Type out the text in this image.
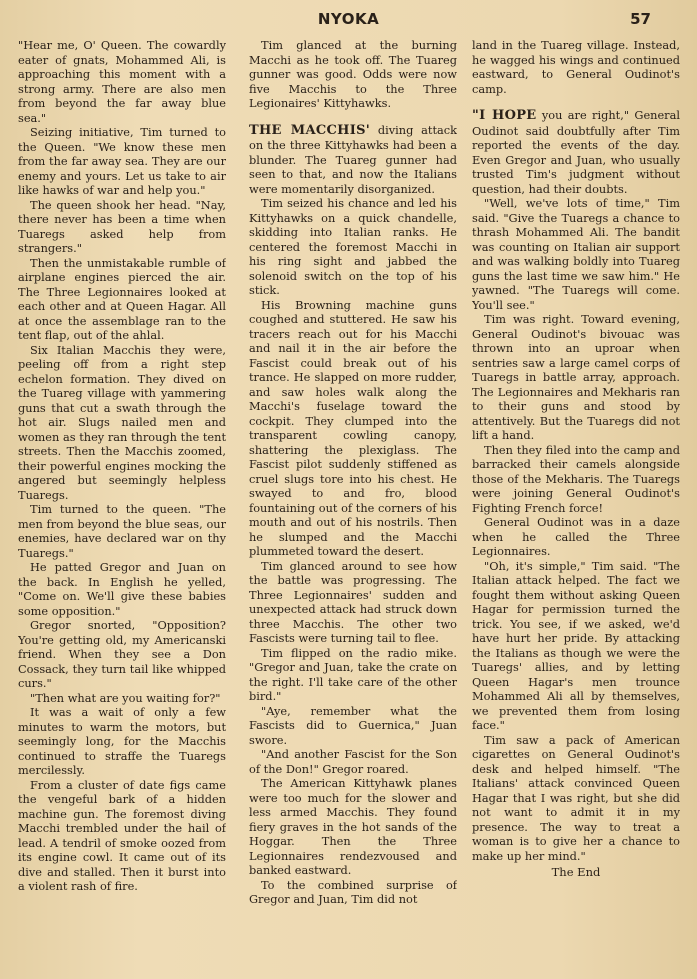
NYOKA	57

"Hear me, O' Queen. The cowardly eater of gnats, Mohammed Ali, is approaching this moment with a strong army. There are also men from beyond the far away blue sea."

Seizing initiative, Tim turned to the Queen. "We know these men from the far away sea. They are our enemy and yours. Let us take to air like hawks of war and help you."

The queen shook her head. "Nay, there never has been a time when Tuaregs asked help from strangers."

Then the unmistakable rumble of airplane engines pierced the air. The Three Legionnaires looked at each other and at Queen Hagar. All at once the assemblage ran to the tent flap, out of the ahlal.

Six Italian Macchis they were, peeling off from a right step echelon formation. They dived on the Tuareg village with yammering guns that cut a swath through the hot air. Slugs nailed men and women as they ran through the tent streets. Then the Macchis zoomed, their powerful engines mocking the angered but seemingly helpless Tuaregs.

Tim turned to the queen. "The men from beyond the blue seas, our enemies, have declared war on thy Tuaregs."

He patted Gregor and Juan on the back. In English he yelled, "Come on. We'll give these babies some opposition."

Gregor snorted, "Opposition? You're getting old, my Americanski friend. When they see a Don Cossack, they turn tail like whipped curs."

"Then what are you waiting for?"

It was a wait of only a few minutes to warm the motors, but seemingly long, for the Macchis continued to straffe the Tuaregs mercilessly.

From a cluster of date figs came the vengeful bark of a hidden machine gun. The foremost diving Macchi trembled under the hail of lead. A tendril of smoke oozed from its engine cowl. It came out of its dive and stalled. Then it burst into a violent rash of fire.

Tim glanced at the burning Macchi as he took off. The Tuareg gunner was good. Odds were now five Macchis to the Three Legionaires' Kittyhawks.

THE MACCHIS' diving attack on the three Kittyhawks had been a blunder. The Tuareg gunner had seen to that, and now the Italians were momentarily disorganized.

Tim seized his chance and led his Kittyhawks on a quick chandelle, skidding into Italian ranks. He centered the foremost Macchi in his ring sight and jabbed the solenoid switch on the top of his stick.

His Browning machine guns coughed and stuttered. He saw his tracers reach out for his Macchi and nail it in the air before the Fascist could break out of his trance. He slapped on more rudder, and saw holes walk along the Macchi's fuselage toward the cockpit. They clumped into the transparent cowling canopy, shattering the plexiglass. The Fascist pilot suddenly stiffened as cruel slugs tore into his chest. He swayed to and fro, blood fountaining out of the corners of his mouth and out of his nostrils. Then he slumped and the Macchi plummeted toward the desert.

Tim glanced around to see how the battle was progressing. The Three Legionnaires' sudden and unexpected attack had struck down three Macchis. The other two Fascists were turning tail to flee.

Tim flipped on the radio mike. "Gregor and Juan, take the crate on the right. I'll take care of the other bird."

"Aye, remember what the Fascists did to Guernica," Juan swore.

"And another Fascist for the Son of the Don!" Gregor roared.

The American Kittyhawk planes were too much for the slower and less armed Macchis. They found fiery graves in the hot sands of the Hoggar. Then the Three Legionnaires rendezvoused and banked eastward.

To the combined surprise of Gregor and Juan, Tim did not

land in the Tuareg village. Instead, he wagged his wings and continued eastward, to General Oudinot's camp.

"I HOPE you are right," General Oudinot said doubtfully after Tim reported the events of the day. Even Gregor and Juan, who usually trusted Tim's judgment without question, had their doubts.

"Well, we've lots of time," Tim said. "Give the Tuaregs a chance to thrash Mohammed Ali. The bandit was counting on Italian air support and was walking boldly into Tuareg guns the last time we saw him." He yawned. "The Tuaregs will come. You'll see."

Tim was right. Toward evening, General Oudinot's bivouac was thrown into an uproar when sentries saw a large camel corps of Tuaregs in battle array, approach. The Legionnaires and Mekharis ran to their guns and stood by attentively. But the Tuaregs did not lift a hand.

Then they filed into the camp and barracked their camels alongside those of the Mekharis. The Tuaregs were joining General Oudinot's Fighting French force!

General Oudinot was in a daze when he called the Three Legionnaires.

"Oh, it's simple," Tim said. "The Italian attack helped. The fact we fought them without asking Queen Hagar for permission turned the trick. You see, if we asked, we'd have hurt her pride. By attacking the Italians as though we were the Tuaregs' allies, and by letting Queen Hagar's men trounce Mohammed Ali all by themselves, we prevented them from losing face."

Tim saw a pack of American cigarettes on General Oudinot's desk and helped himself. "The Italians' attack convinced Queen Hagar that I was right, but she did not want to admit it in my presence. The way to treat a woman is to give her a chance to make up her mind."

The End
